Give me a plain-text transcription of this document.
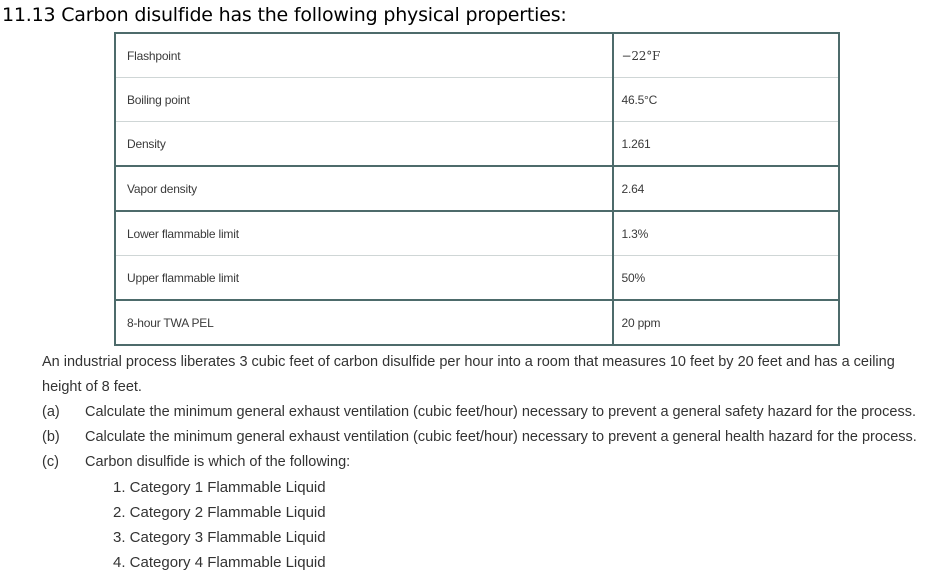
11.13 Carbon disulfide has the following physical properties:
Flashpoint	−22°F
Boiling point	46.5°C
Density	1.261
Vapor density	2.64
Lower flammable limit	1.3%
Upper flammable limit	50%
8-hour TWA PEL	20 ppm

An industrial process liberates 3 cubic feet of carbon disulfide per hour into a room that measures 10 feet by 20 feet and has a ceiling height of 8 feet.

(a) Calculate the minimum general exhaust ventilation (cubic feet/hour) necessary to prevent a general safety hazard for the process.
(b) Calculate the minimum general exhaust ventilation (cubic feet/hour) necessary to prevent a general health hazard for the process.
(c) Carbon disulfide is which of the following:
1. Category 1 Flammable Liquid
2. Category 2 Flammable Liquid
3. Category 3 Flammable Liquid
4. Category 4 Flammable Liquid
